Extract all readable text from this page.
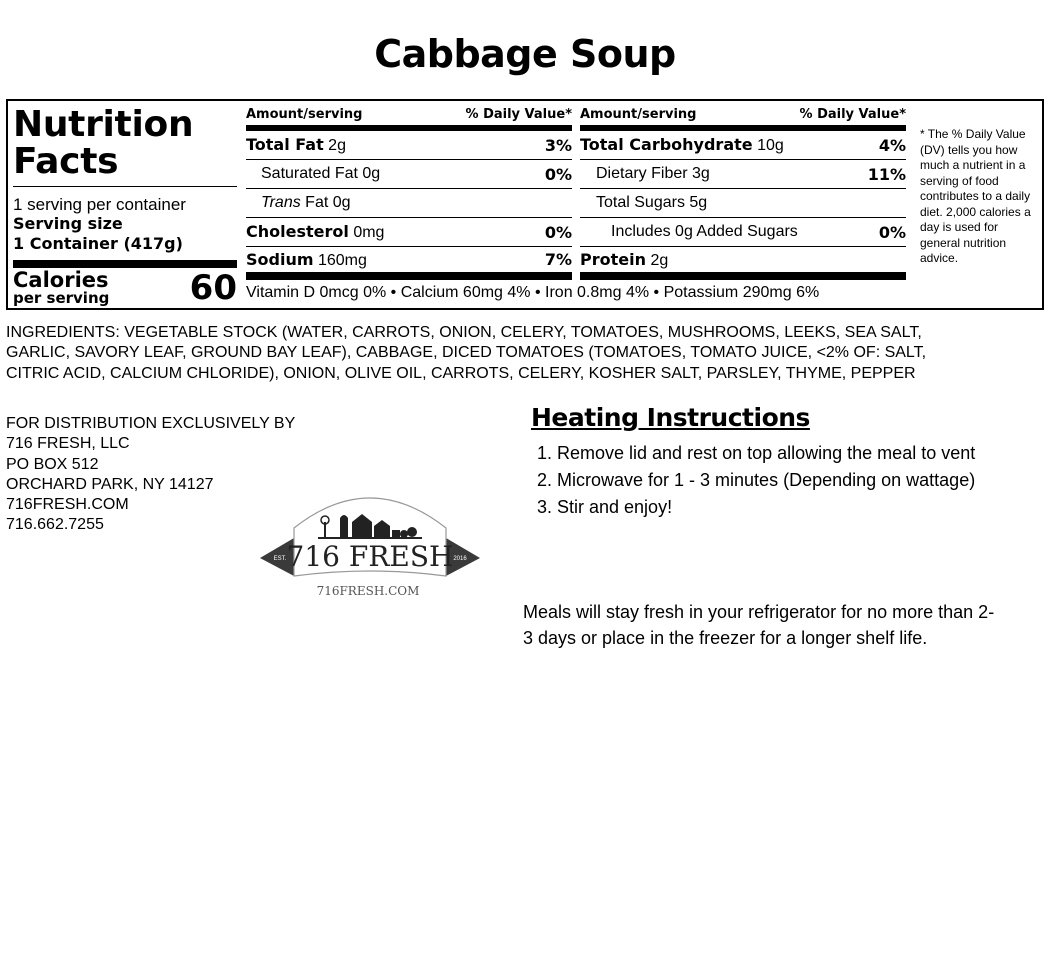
Cabbage Soup
Nutrition
Facts
1 serving per container
Serving size
1 Container (417g)
Calories
per serving 60
Amount/serving	% Daily Value*
Total Fat 2g	3%
Saturated Fat 0g	0%
Trans Fat 0g
Cholesterol 0mg	0%
Sodium 160mg	7%
Amount/serving	% Daily Value*
Total Carbohydrate 10g	4%
Dietary Fiber 3g	11%
Total Sugars 5g
Includes 0g Added Sugars	0%
Protein 2g
Vitamin D 0mcg 0% • Calcium 60mg 4% • Iron 0.8mg 4% • Potassium 290mg 6%
* The % Daily Value (DV) tells you how much a nutrient in a serving of food contributes to a daily diet. 2,000 calories a day is used for general nutrition advice.
INGREDIENTS: VEGETABLE STOCK (WATER, CARROTS, ONION, CELERY, TOMATOES, MUSHROOMS, LEEKS, SEA SALT,
GARLIC, SAVORY LEAF, GROUND BAY LEAF), CABBAGE, DICED TOMATOES (TOMATOES, TOMATO JUICE, <2% OF: SALT,
CITRIC ACID, CALCIUM CHLORIDE), ONION, OLIVE OIL, CARROTS, CELERY, KOSHER SALT, PARSLEY, THYME, PEPPER
FOR DISTRIBUTION EXCLUSIVELY BY
716 FRESH, LLC
PO BOX 512
ORCHARD PARK, NY 14127
716FRESH.COM
716.662.7255
716 FRESH
EST.	2016
716FRESH.COM
Heating Instructions
1. Remove lid and rest on top allowing the meal to vent
2. Microwave for 1 - 3 minutes (Depending on wattage)
3. Stir and enjoy!
Meals will stay fresh in your refrigerator for no more than 2-3 days or place in the freezer for a longer shelf life.
